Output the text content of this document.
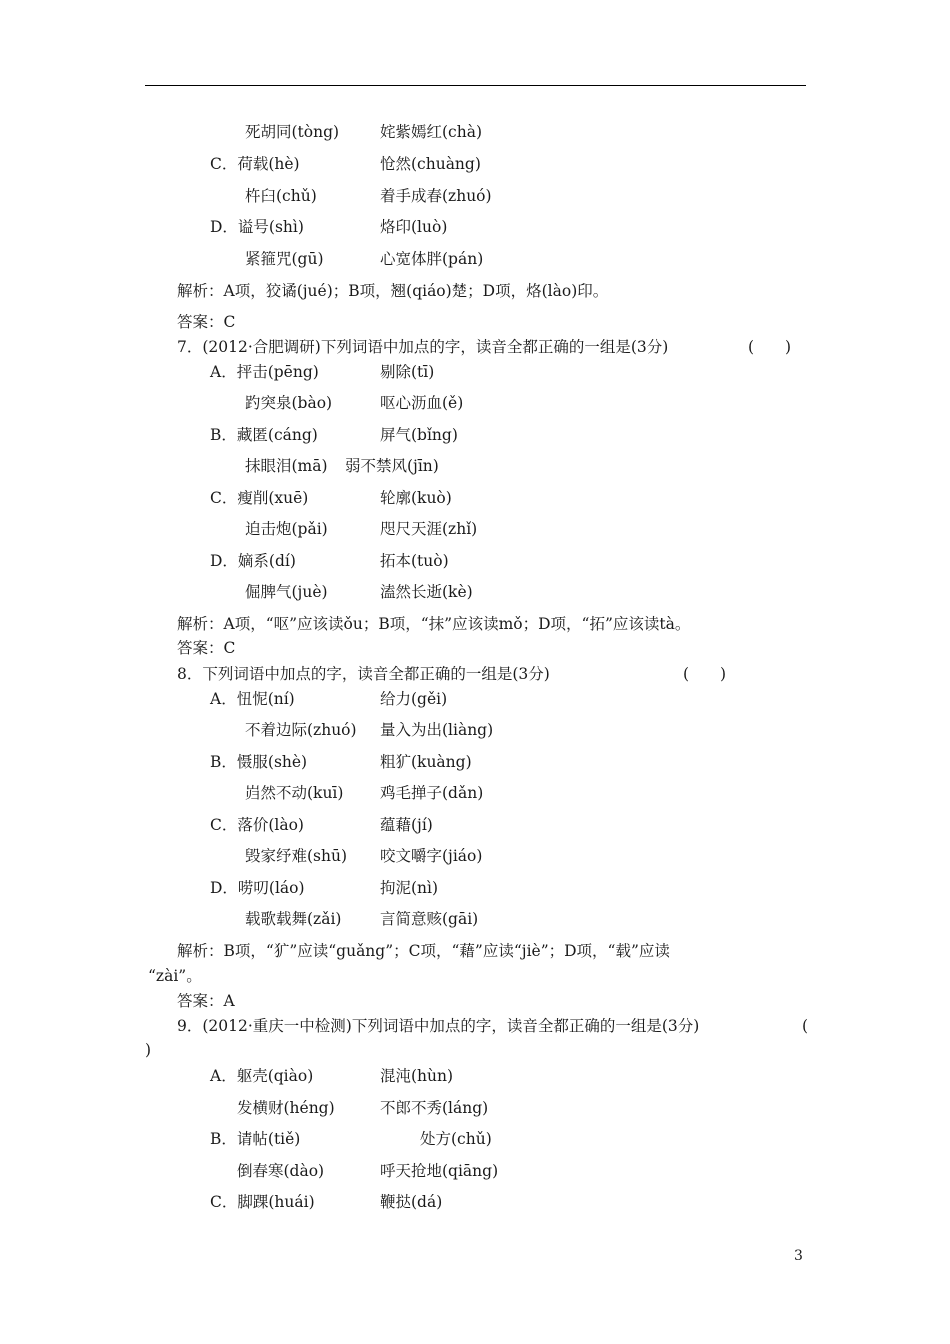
死胡同(tòng)	姹紫嫣红(chà)
C．荷载(hè)	怆然(chuàng)
杵臼(chǔ)	着手成春(zhuó)
D．谥号(shì)	烙印(luò)
紧箍咒(gū)	心宽体胖(pán)
解析：A项，狡谲(jué)；B项，翘(qiáo)楚；D项，烙(lào)印。
答案：C
7．(2012·合肥调研)下列词语中加点的字，读音全都正确的一组是(3分)	(　　)
A．抨击(pēng)	剔除(tī)
趵突泉(bào)	呕心沥血(ě)
B．藏匿(cáng)	屏气(bǐng)
抹眼泪(mā) 弱不禁风(jīn)
C．瘦削(xuē)	轮廓(kuò)
迫击炮(pǎi)	咫尺天涯(zhǐ)
D．嫡系(dí)	拓本(tuò)
倔脾气(juè)	溘然长逝(kè)
解析：A项，“呕”应该读ǒu；B项，“抹”应该读mǒ；D项，“拓”应该读tà。
答案：C
8．下列词语中加点的字，读音全都正确的一组是(3分)	(　　)
A．忸怩(ní)	给力(gěi)
不着边际(zhuó) 量入为出(liàng)
B．慑服(shè)	粗犷(kuàng)
岿然不动(kuī) 鸡毛掸子(dǎn)
C．落价(lào)	蕴藉(jí)
毁家纾难(shū) 咬文嚼字(jiáo)
D．唠叨(láo)	拘泥(nì)
载歌载舞(zǎi) 言简意赅(gāi)
解析：B项，“犷”应读“guǎng”；C项，“藉”应读“jiè”；D项，“载”应读
“zài”。
答案：A
9．(2012·重庆一中检测)下列词语中加点的字，读音全都正确的一组是(3分)	(
)
A．躯壳(qiào)	混沌(hùn)
发横财(héng)	不郎不秀(láng)
B．请帖(tiě)	处方(chǔ)
倒春寒(dào)	呼天抢地(qiāng)
C．脚踝(huái)	鞭挞(dá)
3
